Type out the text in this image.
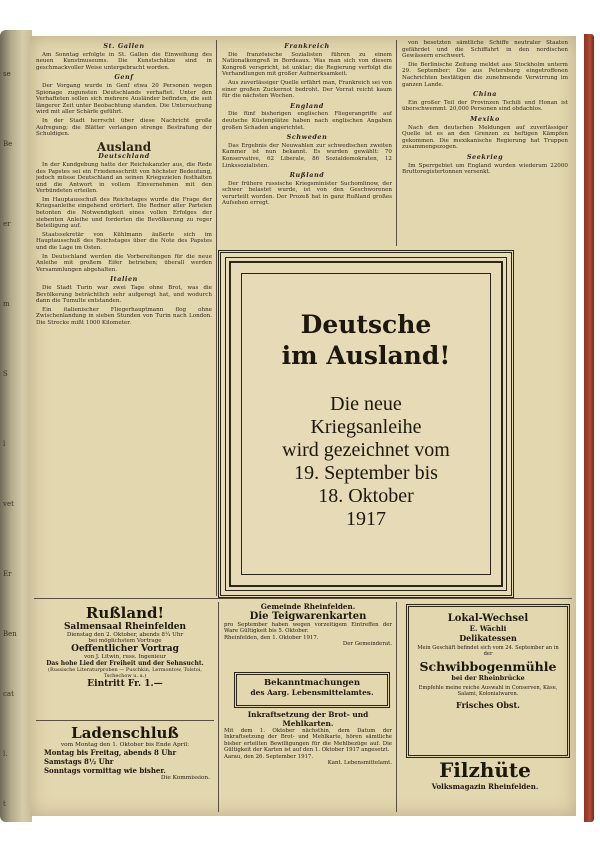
se
Be
er
m
S
l
vet
Er
Ben
cat
l.
t
St. Gallen

Am Sonntag erfolgte in St. Gallen die Einweihung des neuen Kunstmuseums. Die Kunstschätze sind in geschmackvoller Weise untergebracht worden.

Genf

Der Vorgang wurde in Genf etwa 20 Personen wegen Spionage zugunsten Deutschlands verhaftet. Unter den Verhafteten sollen sich mehrere Ausländer befinden, die seit längerer Zeit unter Beobachtung standen. Die Untersuchung wird mit aller Schärfe geführt.

In der Stadt herrscht über diese Nachricht große Aufregung; die Blätter verlangen strenge Bestrafung der Schuldigen.

Ausland
Deutschland

In der Kundgebung hatte der Reichskanzler aus, die Rede des Papstes sei ein Friedensschritt von höchster Bedeutung, jedoch müsse Deutschland an seinen Kriegszielen festhalten und die Antwort in vollem Einvernehmen mit den Verbündeten erteilen.

Im Hauptausschuß des Reichstages wurde die Frage der Kriegsanleihe eingehend erörtert. Die Redner aller Parteien betonten die Notwendigkeit eines vollen Erfolges der siebenten Anleihe und forderten die Bevölkerung zu reger Beteiligung auf.

Staatssekretär von Kühlmann äußerte sich im Hauptausschuß des Reichstages über die Note des Papstes und die Lage im Osten.

In Deutschland werden die Vorbereitungen für die neue Anleihe mit großem Eifer betrieben; überall werden Versammlungen abgehalten.

Italien

Die Stadt Turin war zwei Tage ohne Brot, was die Bevölkerung beträchtlich sehr aufgeregt hat, und wodurch dann die Tumulte entstanden.

Ein italienischer Fliegerhauptmann flog ohne Zwischenlandung in sieben Stunden von Turin nach London. Die Strecke mißt 1000 Kilometer.

Frankreich

Die französische Sozialisten führen zu einem Nationalkongreß in Bordeaux. Was man sich von diesem Kongreß verspricht, ist unklar; die Regierung verfolgt die Verhandlungen mit großer Aufmerksamkeit.

Aus zuverlässiger Quelle erfährt man, Frankreich sei von einer großen Zuckernot bedroht. Der Vorrat reicht kaum für die nächsten Wochen.

England

Die fünf bisherigen englischen Fliegerangriffe auf deutsche Küstenplätze haben nach englischen Angaben großen Schaden angerichtet.

Schweden

Das Ergebnis der Neuwahlen zur schwedischen zweiten Kammer ist nun bekannt. Es wurden gewählt: 70 Konservative, 62 Liberale, 86 Sozialdemokraten, 12 Linkssozialisten.

Rußland

Der frühere russische Kriegsminister Suchomlinow, der schwer belastet wurde, ist von den Geschworenen verurteilt worden. Der Prozeß hat in ganz Rußland großes Aufsehen erregt.

von besetzten sämtliche Schiffe neutraler Staaten gefährdet und die Schiffahrt in den nordischen Gewässern erschwert.

Die Berlinische Zeitung meldet aus Stockholm unterm 29. September: Die aus Petersburg eingetroffenen Nachrichten bestätigen die zunehmende Verwirrung im ganzen Lande.

China

Ein großer Teil der Provinzen Tschili und Honan ist überschwemmt. 20,000 Personen sind obdachlos.

Mexiko

Nach den deutschen Meldungen auf zuverlässiger Quelle ist es an den Grenzen zu heftigen Kämpfen gekommen. Die mexikanische Regierung hat Truppen zusammengezogen.

Seekrieg

Im Sperrgebiet um England wurden wiederum 22000 Bruttoregistertonnen versenkt.

Deutsche
im Ausland!
Die neue
Kriegsanleihe
wird gezeichnet vom
19. September bis
18. Oktober
1917
Rußland!
Salmensaal Rheinfelden
Dienstag den 2. Oktober, abends 8¼ Uhr
bei möglichstem Vortrage
Oeffentlicher Vortrag
von J. Litwin, russ. Ingenieur
Das hohe Lied der Freiheit und der Sehnsucht.
(Russische Literaturproben — Puschkin, Lermontow, Tolstoi, Tschechow u. a.)
Eintritt Fr. 1.—
Ladenschluß
vom Montag den 1. Oktober bis Ende April:
Montag bis Freitag, abends 8 Uhr
Samstags 8½ Uhr
Sonntags vormittag wie bisher.
Die Kommission.
Gemeinde Rheinfelden.
Die Teigwarenkarten
pro September haben wegen vorzeitigem Eintreffen der Ware Gültigkeit bis 5. Oktober.
Rheinfelden, den 1. Oktober 1917.
Der Gemeinderat.
Bekanntmachungen
des Aarg. Lebensmittelamtes.
Inkraftsetzung der Brot- und Mehlkarten.
Mit dem 1. Oktober nächsthin, dem Datum der Inkraftsetzung der Brot- und Mehlkarte, hören sämtliche bisher erteilten Bewilligungen für die Mehlbezüge auf. Die Gültigkeit der Karten ist auf den 1. Oktober 1917 angesetzt.
Aarau, den 26. September 1917.
Kant. Lebensmittelamt.
Lokal-Wechsel
E. Wächli
Delikatessen
Mein Geschäft befindet sich vom 24. September an in der
Schwibbogenmühle
bei der Rheinbrücke
Empfehle meine reiche Auswahl in Conserven, Käse, Salami, Kolonialwaren.
Frisches Obst.
Filzhüte
Volksmagazin Rheinfelden.
